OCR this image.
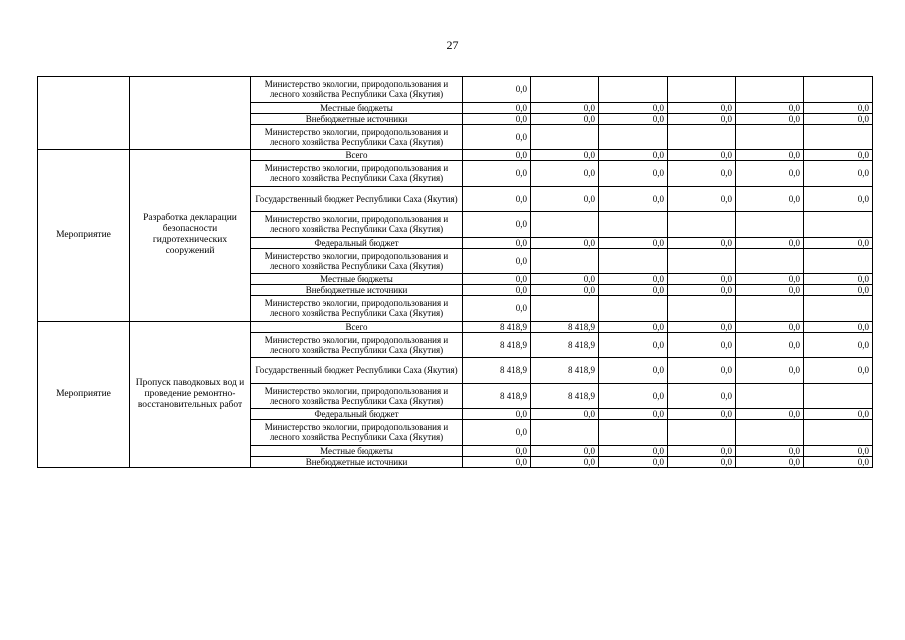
27
		Министерство экологии, природопользования и лесного хозяйства Республики Саха (Якутия)	0,0					
		Местные бюджеты	0,0	0,0	0,0	0,0	0,0	0,0
		Внебюджетные источники	0,0	0,0	0,0	0,0	0,0	0,0
		Министерство экологии, природопользования и лесного хозяйства Республики Саха (Якутия)	0,0					
Мероприятие	Разработка декларации безопасности гидротехнических сооружений	Всего	0,0	0,0	0,0	0,0	0,0	0,0
		Министерство экологии, природопользования и лесного хозяйства Республики Саха (Якутия)	0,0	0,0	0,0	0,0	0,0	0,0
		Государственный бюджет Республики Саха (Якутия)	0,0	0,0	0,0	0,0	0,0	0,0
		Министерство экологии, природопользования и лесного хозяйства Республики Саха (Якутия)	0,0					
		Федеральный бюджет	0,0	0,0	0,0	0,0	0,0	0,0
		Министерство экологии, природопользования и лесного хозяйства Республики Саха (Якутия)	0,0					
		Местные бюджеты	0,0	0,0	0,0	0,0	0,0	0,0
		Внебюджетные источники	0,0	0,0	0,0	0,0	0,0	0,0
		Министерство экологии, природопользования и лесного хозяйства Республики Саха (Якутия)	0,0					
Мероприятие	Пропуск паводковых вод и проведение ремонтно-восстановительных работ	Всего	8 418,9	8 418,9	0,0	0,0	0,0	0,0
		Министерство экологии, природопользования и лесного хозяйства Республики Саха (Якутия)	8 418,9	8 418,9	0,0	0,0	0,0	0,0
		Государственный бюджет Республики Саха (Якутия)	8 418,9	8 418,9	0,0	0,0	0,0	0,0
		Министерство экологии, природопользования и лесного хозяйства Республики Саха (Якутия)	8 418,9	8 418,9	0,0	0,0		
		Федеральный бюджет	0,0	0,0	0,0	0,0	0,0	0,0
		Министерство экологии, природопользования и лесного хозяйства Республики Саха (Якутия)	0,0					
		Местные бюджеты	0,0	0,0	0,0	0,0	0,0	0,0
		Внебюджетные источники	0,0	0,0	0,0	0,0	0,0	0,0
